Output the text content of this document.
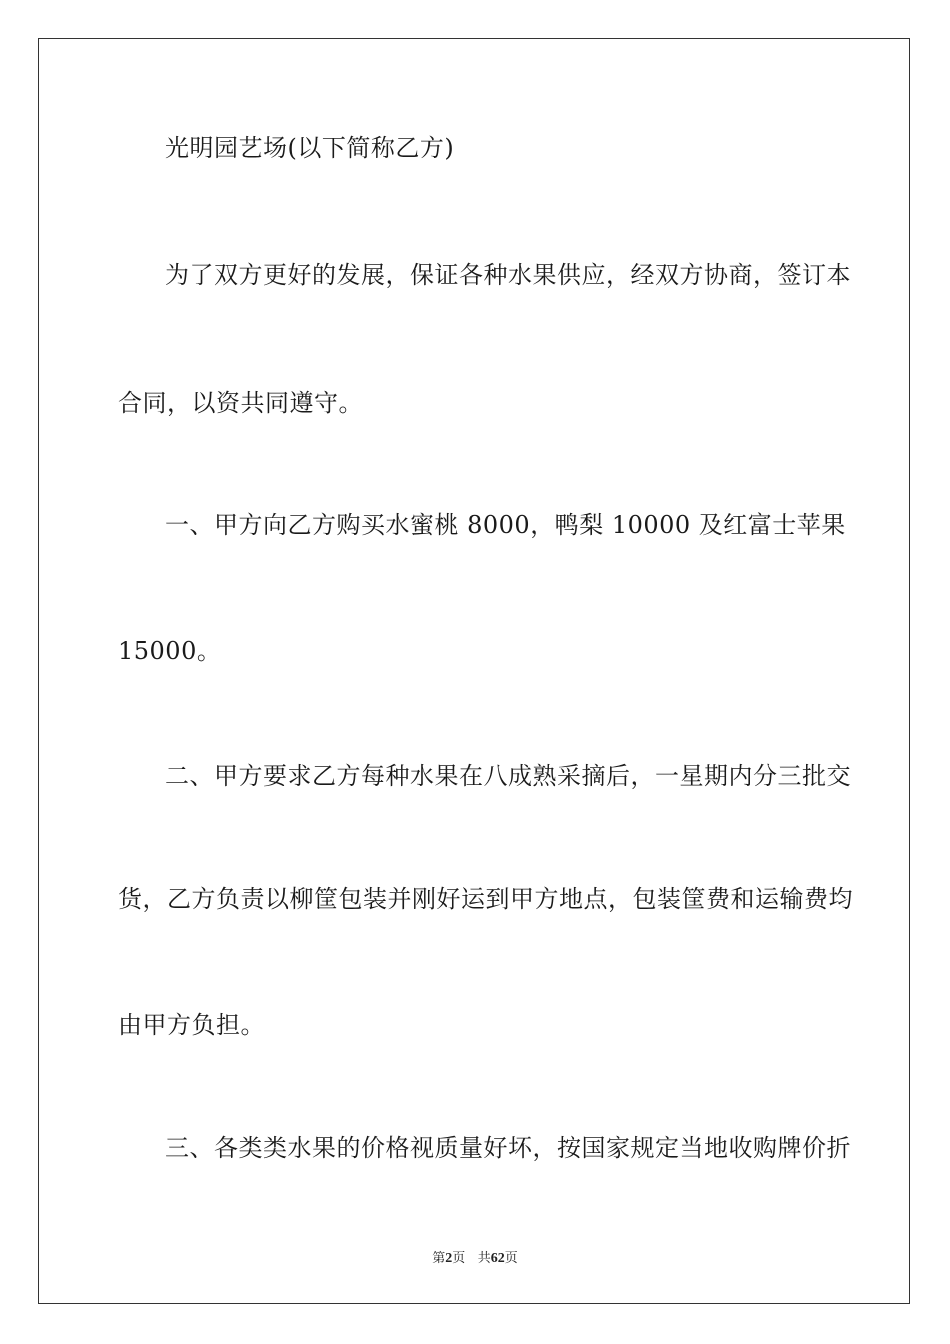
光明园艺场(以下简称乙方)
为了双方更好的发展，保证各种水果供应，经双方协商，签订本
合同，以资共同遵守。
一、甲方向乙方购买水蜜桃 8000，鸭梨 10000 及红富士苹果
15000。
二、甲方要求乙方每种水果在八成熟采摘后，一星期内分三批交
货，乙方负责以柳筐包装并刚好运到甲方地点，包装筐费和运输费均
由甲方负担。
三、各类类水果的价格视质量好坏，按国家规定当地收购牌价折
第2页 共62页
